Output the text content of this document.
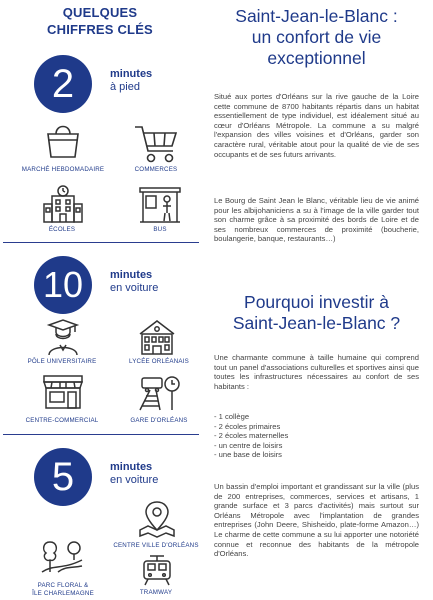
QUELQUES
CHIFFRES CLÉS
2	minutes
à pied
MARCHÉ HEBDOMADAIRE	COMMERCES
ÉCOLES	BUS
10	minutes
en voiture
PÔLE UNIVERSITAIRE	LYCÉE ORLÉANAIS
CENTRE-COMMERCIAL	GARE D'ORLÉANS
5	minutes
en voiture
CENTRE VILLE D'ORLÉANS
PARC FLORAL &
ÎLE CHARLEMAGNE	TRAMWAY
Saint-Jean-le-Blanc :
un confort de vie
exceptionnel

Situé aux portes d'Orléans sur la rive gauche de la Loire cette commune de 8700 habitants répartis dans un habitat essentiellement de type individuel, est idéalement situé au cœur d'Orléans Métropole. La commune a su malgré l'expansion des villes voisines et d'Orléans, garder son caractère rural, véritable atout pour la qualité de vie de ses occupants et de ses futurs arrivants.

Le Bourg de Saint Jean le Blanc, véritable lieu de vie animé pour les albijohaniciens a su à l'image de la ville garder tout son charme grâce à sa proximité des bords de Loire et de ses nombreux commerces de proximité (boucherie, boulangerie, banque, restaurants…)

Pourquoi investir à
Saint-Jean-le-Blanc ?

Une charmante commune à taille humaine qui comprend tout un panel d'associations culturelles et sportives ainsi que toutes les infrastructures nécessaires au confort de ses habitants :

- 1 collège
- 2 écoles primaires
- 2 écoles maternelles
- un centre de loisirs
- une base de loisirs

Un bassin d'emploi important et grandissant sur la ville (plus de 200 entreprises, commerces, services et artisans, 1 grande surface et 3 parcs d'activités) mais surtout sur Orléans Métropole avec l'implantation de grandes entreprises (John Deere, Shisheido, plate-forme Amazon…) Le charme de cette commune a su lui apporter une notoriété connue et reconnue des habitants de la métropole d'Orléans.
